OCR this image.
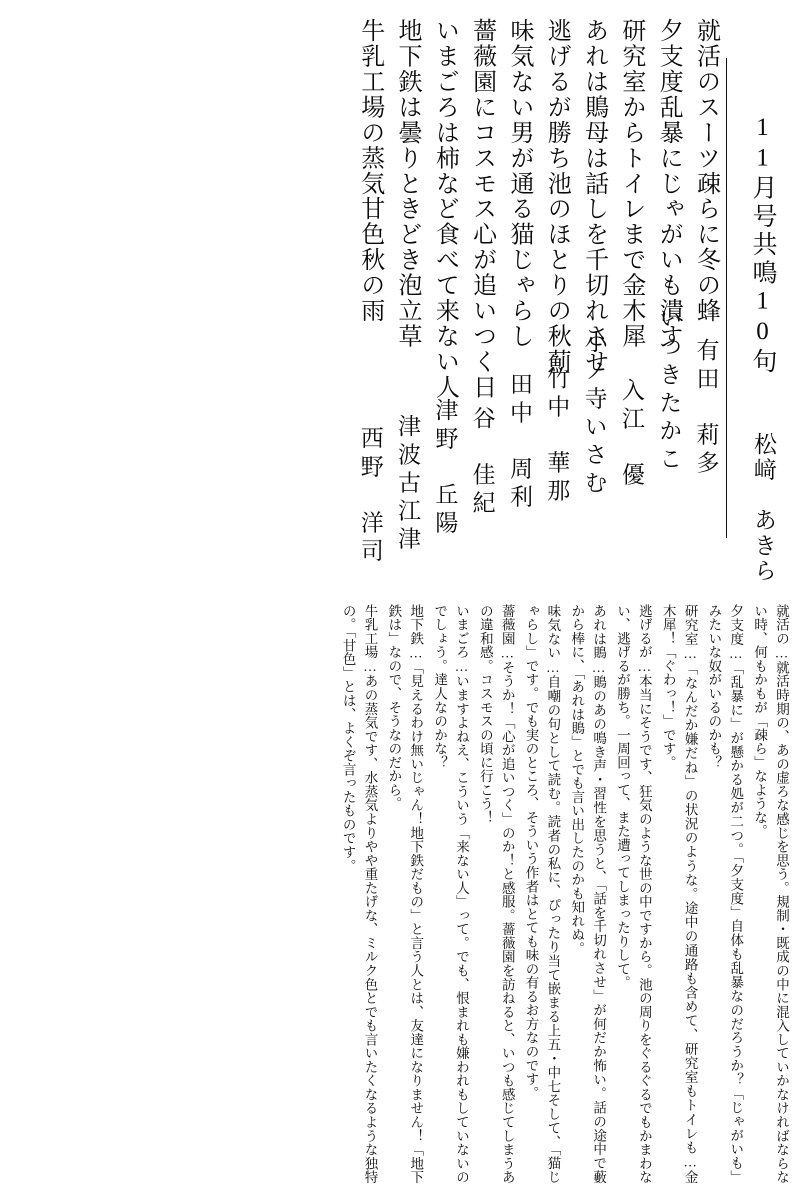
11月号共鳴10句
松﨑　あきら
就活のスーツ疎らに冬の蜂
有田　莉多
夕支度乱暴にじゃがいも潰す
いつきたかこ
研究室からトイレまで金木犀
入江　優
あれは鵙母は話しを千切れさせ
小ノ寺いさむ
逃げるが勝ち池のほとりの秋薊
竹中　華那
味気ない男が通る猫じゃらし
田中　周利
薔薇園にコスモス心が追いつく日
谷　佳紀
いまごろは柿など食べて来ない人
津野　丘陽
地下鉄は曇りときどき泡立草
津波古江津
牛乳工場の蒸気甘色秋の雨
西野　洋司
就活の…就活時期の、あの虚ろな感じを思う。規制・既成の中に混入していかなければならない時、何もかもが「疎ら」なような。
夕支度…「乱暴に」が懸かる処が二つ。「夕支度」自体も乱暴なのだろうか？「じゃがいも」みたいな奴がいるのかも？
研究室…「なんだか嫌だね」の状況のような。途中の通路も含めて、研究室もトイレも…金木犀！「ぐわっ！」です。
逃げるが…本当にそうです、狂気のような世の中ですから。池の周りをぐるぐるでもかまわない、逃げるが勝ち。一周回って、また遭ってしまったりして。
あれは鵙…鵙のあの鳴き声・習性を思うと、「話を千切れさせ」が何だか怖い。話の途中で藪から棒に、「あれは鵙」とでも言い出したのかも知れぬ。
味気ない…自嘲の句として読む。読者の私に、ぴったり当て嵌まる上五・中七そして、「猫じゃらし」です。でも実のところ、そういう作者はとても味の有るお方なのです。
薔薇園…そうか！「心が追いつく」のか！と感服。薔薇園を訪ねると、いつも感じてしまうあの違和感。コスモスの頃に行こう！
いまごろ…いますよねえ、こういう「来ない人」って。でも、恨まれも嫌われもしていないのでしょう。達人なのかな？
地下鉄…「見えるわけ無いじゃん！地下鉄だもの」と言う人とは、友達になりません！「地下鉄は」なので、そうなのだから。
牛乳工場…あの蒸気です、水蒸気よりやや重たげな、ミルク色とでも言いたくなるような独特の。「甘色」とは、よくぞ言ったものです。
